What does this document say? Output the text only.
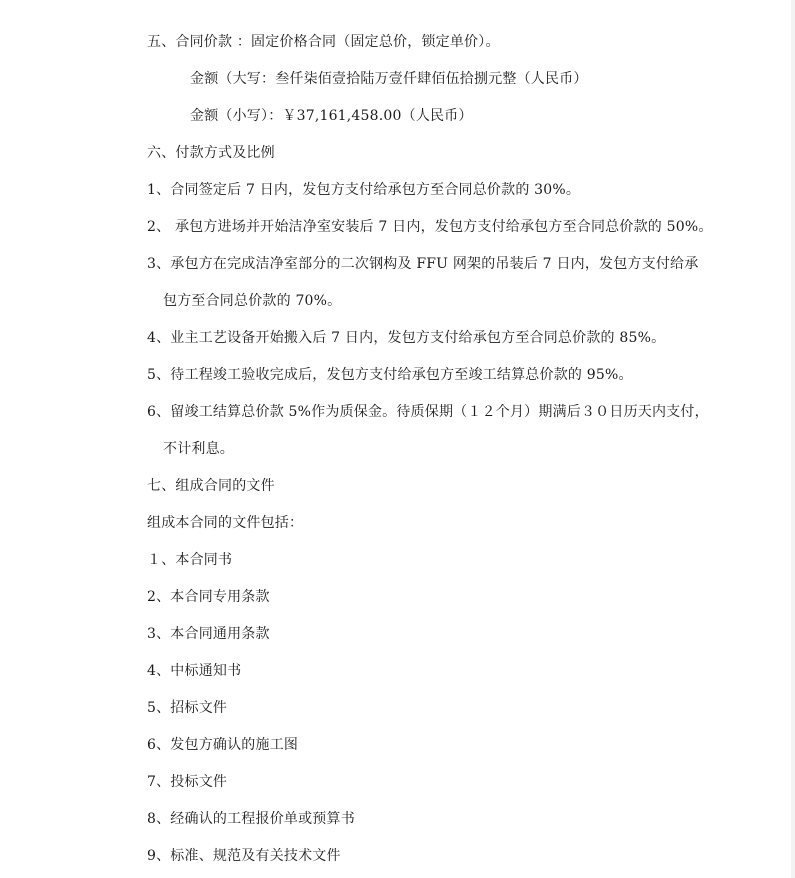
五、合同价款 ：固定价格合同（固定总价，锁定单价）。
金额（大写：叁仟柒佰壹拾陆万壹仟肆佰伍拾捌元整（人民币）
金额（小写）：￥37,161,458.00（人民币）
六、付款方式及比例
1、合同签定后 7 日内，发包方支付给承包方至合同总价款的 30%。
2、 承包方进场并开始洁净室安装后 7 日内，发包方支付给承包方至合同总价款的 50%。
3、承包方在完成洁净室部分的二次钢构及 FFU 网架的吊装后 7 日内，发包方支付给承
包方至合同总价款的 70%。
4、业主工艺设备开始搬入后 7 日内，发包方支付给承包方至合同总价款的 85%。
5、待工程竣工验收完成后，发包方支付给承包方至竣工结算总价款的 95%。
6、留竣工结算总价款 5%作为质保金。待质保期（１２个月）期满后３０日历天内支付，
不计利息。
七、组成合同的文件
组成本合同的文件包括：
１、本合同书
2、本合同专用条款
3、本合同通用条款
4、中标通知书
5、招标文件
6、发包方确认的施工图
7、投标文件
8、经确认的工程报价单或预算书
9、标准、规范及有关技术文件
